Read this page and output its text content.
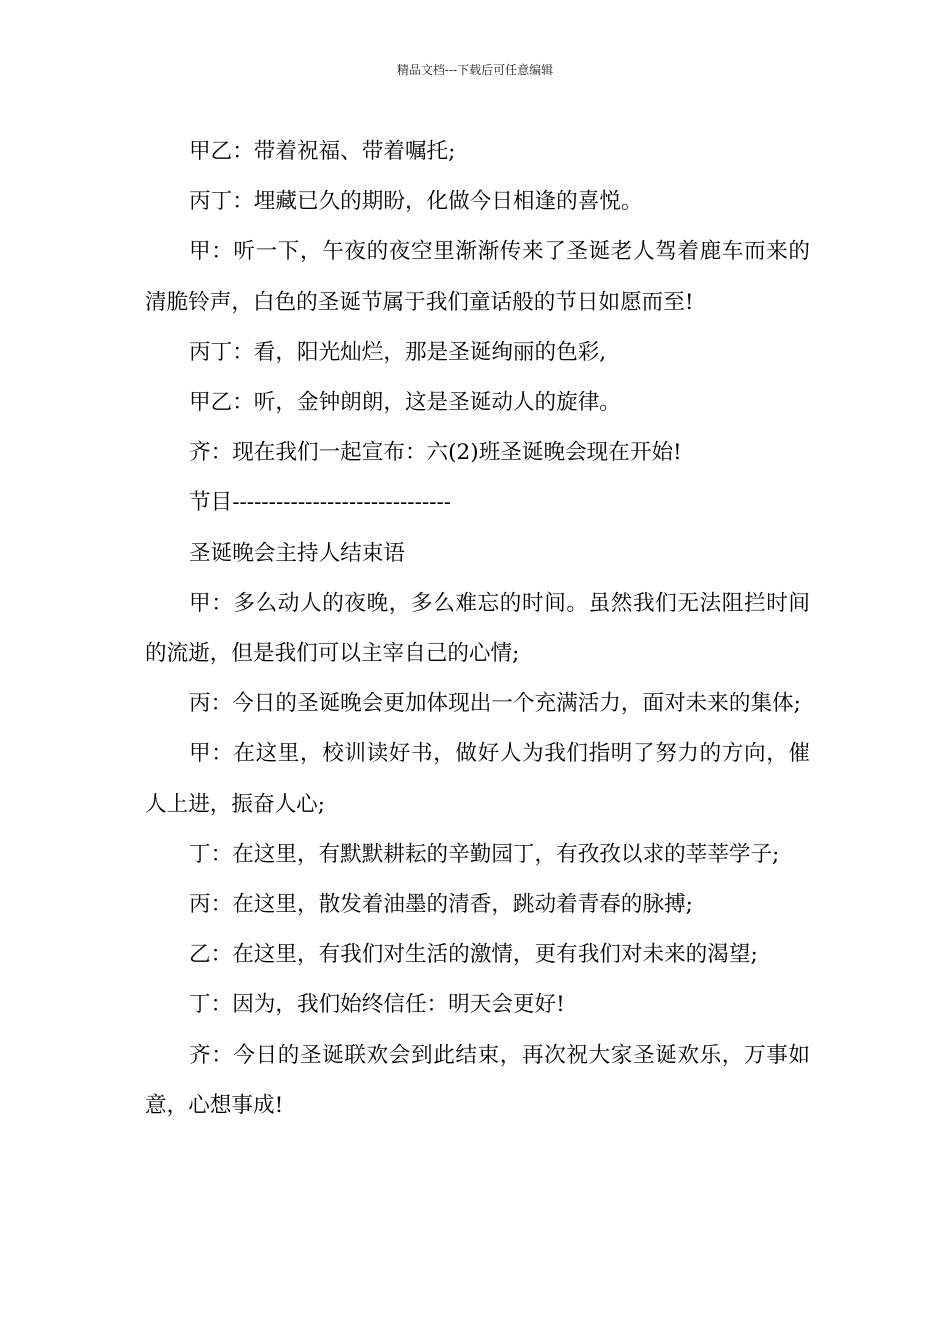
精品文档---下载后可任意编辑

甲乙：带着祝福、带着嘱托;

丙丁：埋藏已久的期盼，化做今日相逢的喜悦。

甲：听一下，午夜的夜空里渐渐传来了圣诞老人驾着鹿车而来的清脆铃声，白色的圣诞节属于我们童话般的节日如愿而至!

丙丁：看，阳光灿烂，那是圣诞绚丽的色彩,

甲乙：听，金钟朗朗，这是圣诞动人的旋律。

齐：现在我们一起宣布：六(2)班圣诞晚会现在开始!

节目------------------------------

圣诞晚会主持人结束语

甲：多么动人的夜晚，多么难忘的时间。虽然我们无法阻拦时间的流逝，但是我们可以主宰自己的心情;

丙：今日的圣诞晚会更加体现出一个充满活力，面对未来的集体;

甲：在这里，校训读好书，做好人为我们指明了努力的方向，催人上进，振奋人心;

丁：在这里，有默默耕耘的辛勤园丁，有孜孜以求的莘莘学子;

丙：在这里，散发着油墨的清香，跳动着青春的脉搏;

乙：在这里，有我们对生活的激情，更有我们对未来的渴望;

丁：因为，我们始终信任：明天会更好!

齐：今日的圣诞联欢会到此结束，再次祝大家圣诞欢乐，万事如意，心想事成!
